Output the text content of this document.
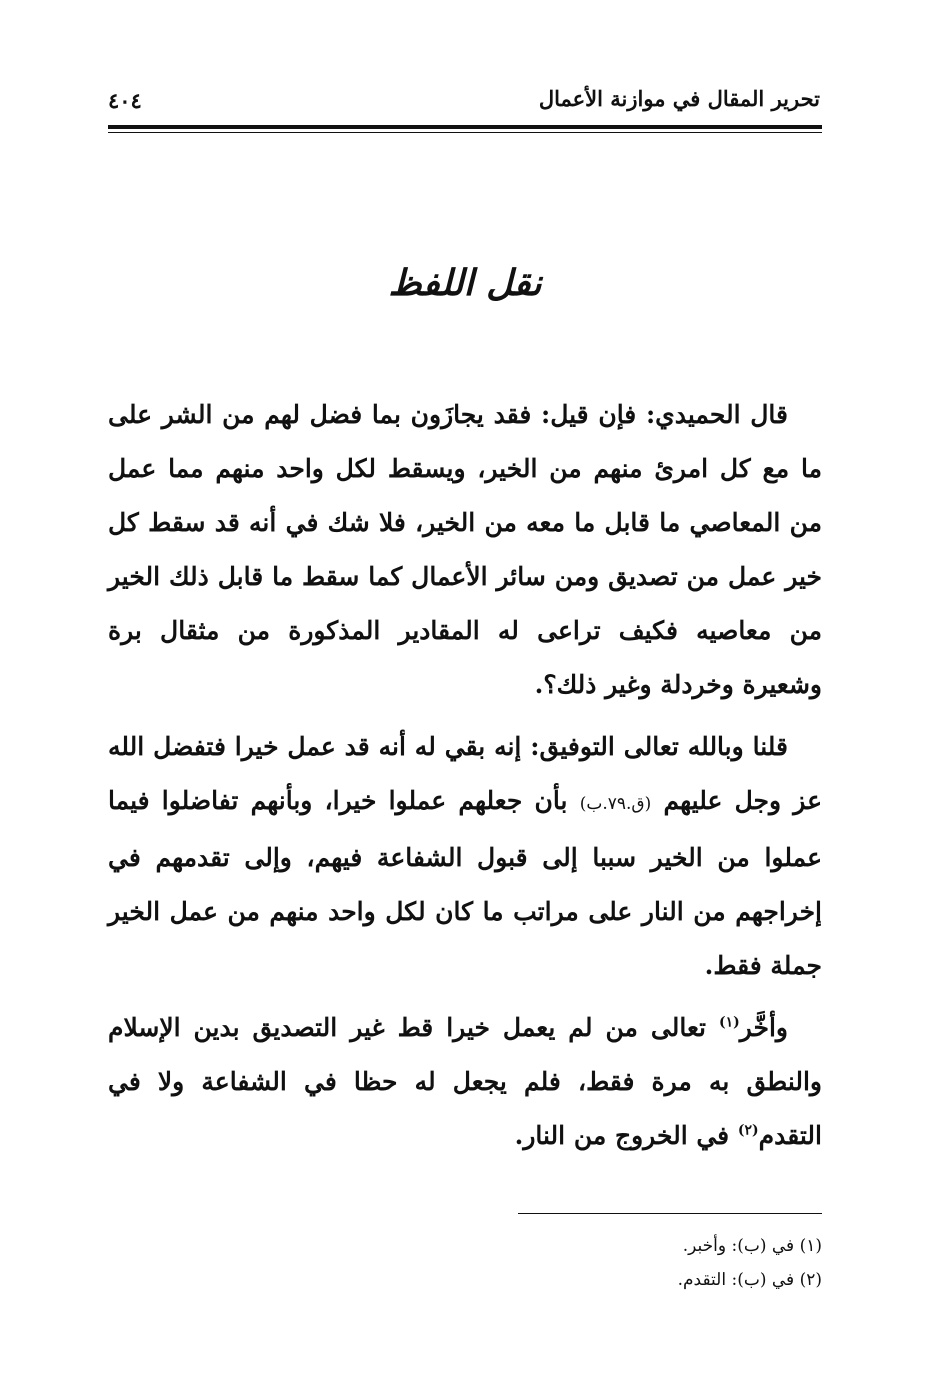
تحرير المقال في موازنة الأعمال
٤٠٤
نقل اللفظ

قال الحميدي: فإن قيل: فقد يجازَون بما فضل لهم من الشر على ما مع كل امرئ منهم من الخير، ويسقط لكل واحد منهم مما عمل من المعاصي ما قابل ما معه من الخير، فلا شك في أنه قد سقط كل خير عمل من تصديق ومن سائر الأعمال كما سقط ما قابل ذلك الخير من معاصيه فكيف تراعى له المقادير المذكورة من مثقال برة وشعيرة وخردلة وغير ذلك؟.

قلنا وبالله تعالى التوفيق: إنه بقي له أنه قد عمل خيرا فتفضل الله عز وجل عليهم (ق.٧٩.ب) بأن جعلهم عملوا خيرا، وبأنهم تفاضلوا فيما عملوا من الخير سببا إلى قبول الشفاعة فيهم، وإلى تقدمهم في إخراجهم من النار على مراتب ما كان لكل واحد منهم من عمل الخير جملة فقط.

وأخَّر$^{(١)}$ تعالى من لم يعمل خيرا قط غير التصديق بدين الإسلام والنطق به مرة فقط، فلم يجعل له حظا في الشفاعة ولا في التقدم$^{(٢)}$ في الخروج من النار.

(١) في (ب): وأخبر.

(٢) في (ب): التقدم.
